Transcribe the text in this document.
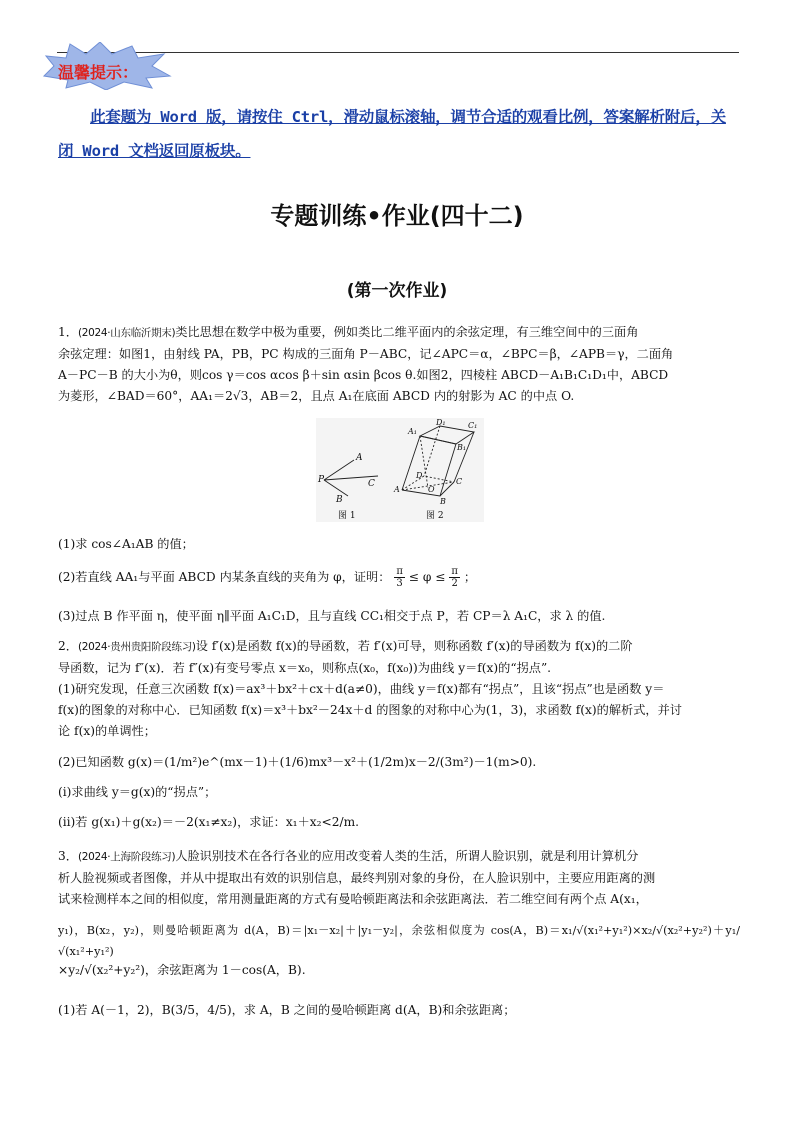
温馨提示：
此套题为 Word 版，请按住 Ctrl，滑动鼠标滚轴，调节合适的观看比例，答案解析附后，关闭 Word 文档返回原板块。
专题训练•作业(四十二)
(第一次作业)
1．(2024·山东临沂期末)类比思想在数学中极为重要，例如类比二维平面内的余弦定理，有三维空间中的三面角
余弦定理：如图1，由射线 PA，PB，PC 构成的三面角 P－ABC，记∠APC＝α，∠BPC＝β，∠APB＝γ，二面角
A－PC－B 的大小为θ，则cos γ＝cos αcos β＋sin αsin βcos θ.如图2，四棱柱 ABCD－A₁B₁C₁D₁中，ABCD
为菱形，∠BAD＝60°，AA₁＝2√3，AB＝2，且点 A₁在底面 ABCD 内的射影为 AC 的中点 O.
P
A
C
B
A₁
D₁	C₁
B₁
D
O
C
A
B
图 1	图 2
(1)求 cos∠A₁AB 的值；
(2)若直线 AA₁与平面 ABCD 内某条直线的夹角为 φ，证明： $\frac{\pi}{3} \le \varphi \le \frac{\pi}{2}$ ；
(3)过点 B 作平面 η，使平面 η∥平面 A₁C₁D，且与直线 CC₁相交于点 P，若 CP＝λ A₁C，求 λ 的值.
2．(2024·贵州贵阳阶段练习)设 f′(x)是函数 f(x)的导函数，若 f′(x)可导，则称函数 f′(x)的导函数为 f(x)的二阶
导函数，记为 f″(x)．若 f″(x)有变号零点 x＝x₀，则称点(x₀，f(x₀))为曲线 y＝f(x)的“拐点”.
(1)研究发现，任意三次函数 f(x)＝ax³＋bx²＋cx＋d(a≠0)，曲线 y＝f(x)都有“拐点”，且该“拐点”也是函数 y＝
f(x)的图象的对称中心．已知函数 f(x)＝x³＋bx²－24x＋d 的图象的对称中心为(1，3)，求函数 f(x)的解析式，并讨
论 f(x)的单调性；
(2)已知函数 g(x)＝(1/m²)e^(mx－1)＋(1/6)mx³－x²＋(1/2m)x－2/(3m²)－1(m>0).
(ⅰ)求曲线 y＝g(x)的“拐点”；
(ⅱ)若 g(x₁)＋g(x₂)＝－2(x₁≠x₂)，求证：x₁＋x₂<2/m.
3．(2024·上海阶段练习)人脸识别技术在各行各业的应用改变着人类的生活，所谓人脸识别，就是利用计算机分
析人脸视频或者图像，并从中提取出有效的识别信息，最终判别对象的身份，在人脸识别中，主要应用距离的测
试来检测样本之间的相似度，常用测量距离的方式有曼哈顿距离法和余弦距离法．若二维空间有两个点 A(x₁，
y₁)，B(x₂，y₂)，则曼哈顿距离为 d(A，B)＝|x₁－x₂|＋|y₁－y₂|，余弦相似度为 cos(A，B)＝x₁/√(x₁²+y₁²)×x₂/√(x₂²+y₂²)＋y₁/√(x₁²+y₁²)
×y₂/√(x₂²+y₂²)，余弦距离为 1－cos(A，B).
(1)若 A(－1，2)，B(3/5，4/5)，求 A，B 之间的曼哈顿距离 d(A，B)和余弦距离；
